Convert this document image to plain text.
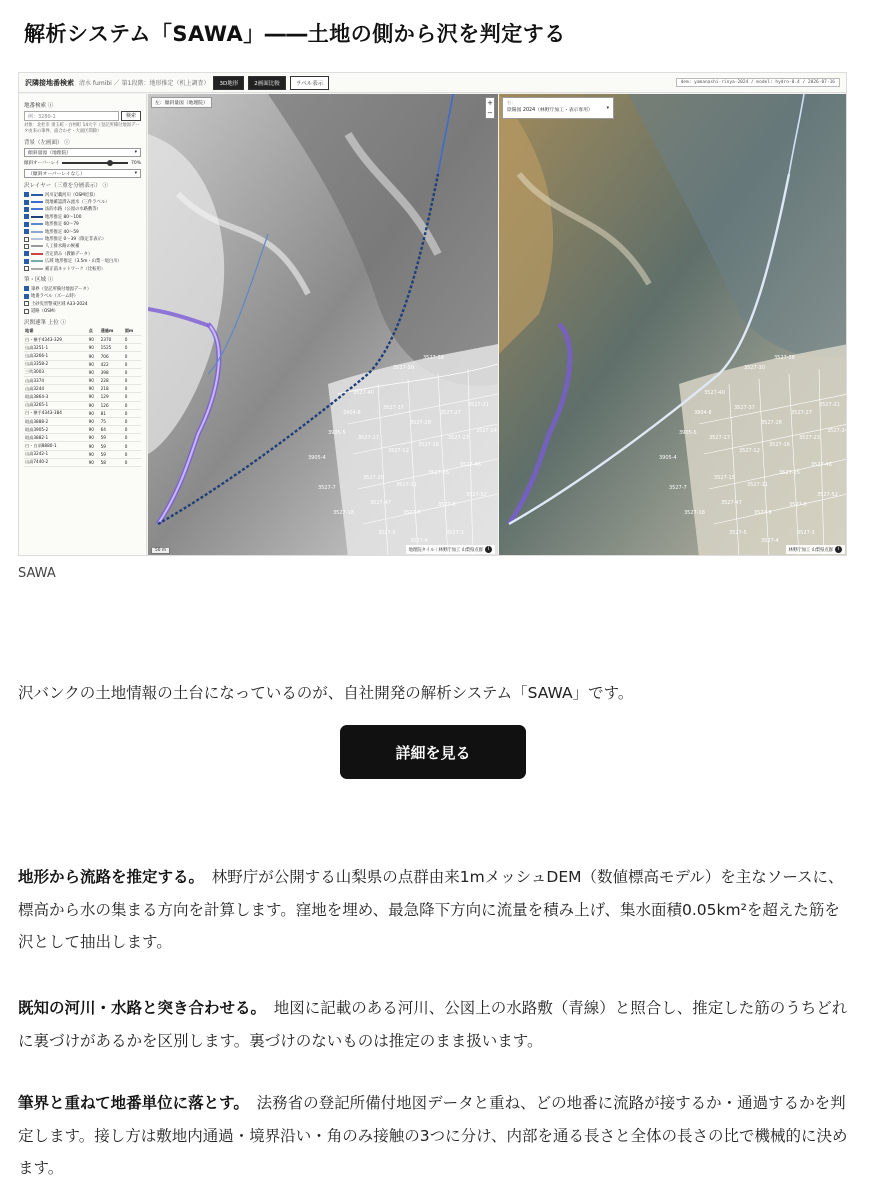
解析システム「SAWA」――土地の側から沢を判定する
沢隣接地番検索 清水 fumibi ／ 第1段階：地形推定（机上調査）	3D地形	2画面比較	ラベル表示	dem: yamanashi-rinya-2024 / model: hydro-0.4 / 2026-07-16
地番検索 ⓘ
例：3280-1	検索
対象：北杜市 須玉町・白州町 14大字（登記所備付地図データ由来の筆界、面合わせ・大面区間除）
背景（左画面） ⓘ
傾斜量図（地理院）	▾
傾斜オーバーレイ	70%
（傾斜オーバーレイなし）	▾
沢レイヤー（三重を分層表示） ⓘ
河川記載河川（OSM近似）
現地確認済み流水（三件ラベル）
法的水路（公図の水路敷等）
地形推定 80～100
地形推定 60～79
地形推定 40～59
地形推定 0～39（限定非表示）
人工排水路の候補
否定済み（教師データ）
広域 地形推定（3.5m・山梨一尾白川）
補正前ネットワーク（比較用）
筆・区域 ⓘ
筆界（登記所備付地図データ）
地番ラベル（ズーム時）
土砂災害警戒区域 A33-2024
道路（OSM）
沢関連筆 上位 ⓘ
地番	点	通過m	面m
白・横手4343-329	90	2370	0
山高3251-1	90	1525	0
山高3266-1	90	706	0
山高3358-2	90	422	0
三吹3003	90	398	0
山高3374	90	228	0
山高3244	90	218	0
昭高3864-3	90	129	0
山高3265-1	90	126	0
白・横手4343-384	90	81	0
昭高3888-2	90	75	0
昭高3905-2	90	64	0
昭高3882-1	90	59	0
白・白須8880-1	90	59	0
山高3242-1	90	59	0
山高7440-2	90	58	0
3527-40
3527-37
3527-28
3527-27
3527-21
3527-17
3527-12
3527-16
3527-23
3527-24
3527-15
3527-11
3527-25
3527-46
3527-47
3527-6
3527-8
3527-52
3527-5
3527-4
3527-3
3905-4
3905-5
3904-8
3527-7
3527-18
3527-30
3527-38
左：傾斜量図（地理院）	+
−
50 m	地理院タイル｜林野庁加工 山梨県点群 i
3527-40
3527-37
3527-28
3527-27
3527-21
3527-17
3527-12
3527-16
3527-23
3527-24
3527-15
3527-11
3527-25
3527-46
3527-47
3527-6
3527-8
3527-52
3527-5
3527-4
3527-3
3905-4
3905-5
3904-8
3527-7
3527-18
3527-30
3527-38
右：
陰陽図 2024（林野庁加工・表示専用）	▾
林野庁加工 山梨県点群 i
SAWA
沢バンクの土地情報の土台になっているのが、自社開発の解析システム「SAWA」です。
詳細を見る
地形から流路を推定する。　 林野庁が公開する山梨県の点群由来1mメッシュDEM（数値標高モデル）を主なソースに、標高から水の集まる方向を計算します。窪地を埋め、最急降下方向に流量を積み上げ、集水面積0.05km²を超えた筋を沢として抽出します。
既知の河川・水路と突き合わせる。　 地図に記載のある河川、公図上の水路敷（青線）と照合し、推定した筋のうちどれに裏づけがあるかを区別します。裏づけのないものは推定のまま扱います。
筆界と重ねて地番単位に落とす。　 法務省の登記所備付地図データと重ね、どの地番に流路が接するか・通過するかを判定します。接し方は敷地内通過・境界沿い・角のみ接触の3つに分け、内部を通る長さと全体の長さの比で機械的に決めます。
